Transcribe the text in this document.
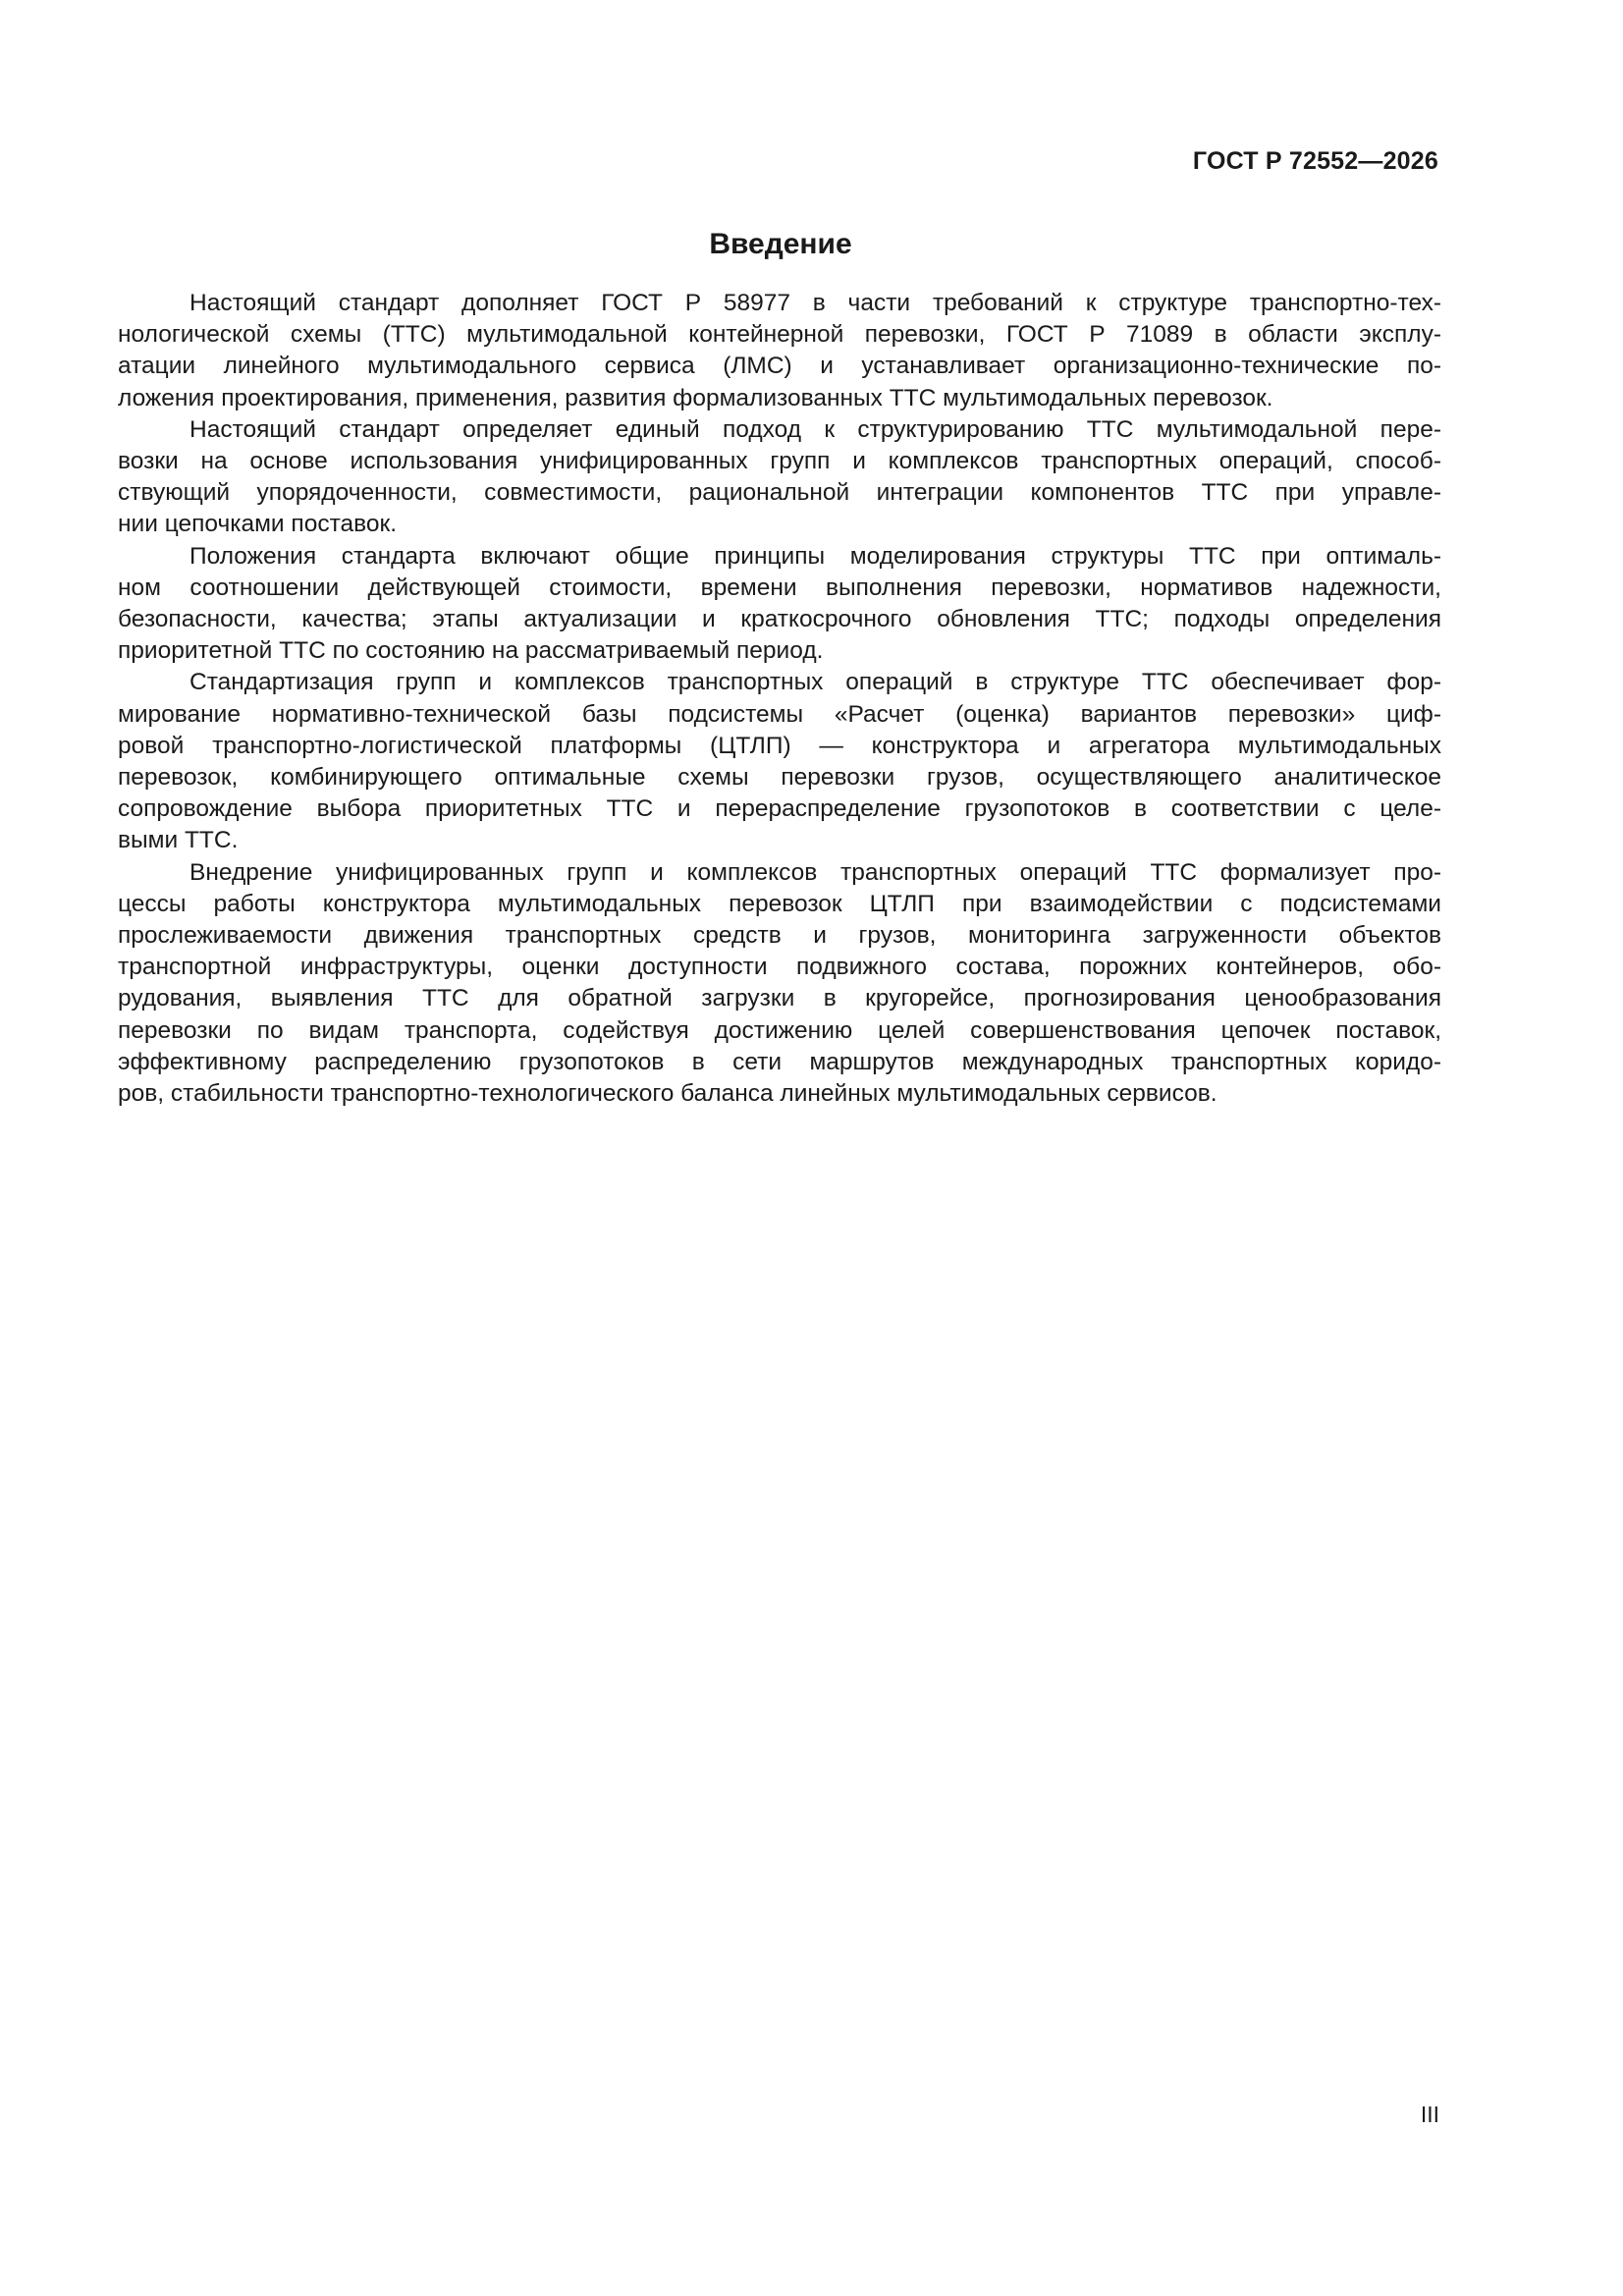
ГОСТ Р 72552—2026
Введение
Настоящий стандарт дополняет ГОСТ Р 58977 в части требований к структуре транспортно-тех-
нологической схемы (ТТС) мультимодальной контейнерной перевозки, ГОСТ Р 71089 в области эксплу-
атации линейного мультимодального сервиса (ЛМС) и устанавливает организационно-технические по-
ложения проектирования, применения, развития формализованных ТТС мультимодальных перевозок.
Настоящий стандарт определяет единый подход к структурированию ТТС мультимодальной пере-
возки на основе использования унифицированных групп и комплексов транспортных операций, способ-
ствующий упорядоченности, совместимости, рациональной интеграции компонентов ТТС при управле-
нии цепочками поставок.
Положения стандарта включают общие принципы моделирования структуры ТТС при оптималь-
ном соотношении действующей стоимости, времени выполнения перевозки, нормативов надежности,
безопасности, качества; этапы актуализации и краткосрочного обновления ТТС; подходы определения
приоритетной ТТС по состоянию на рассматриваемый период.
Стандартизация групп и комплексов транспортных операций в структуре ТТС обеспечивает фор-
мирование нормативно-технической базы подсистемы «Расчет (оценка) вариантов перевозки» циф-
ровой транспортно-логистической платформы (ЦТЛП) — конструктора и агрегатора мультимодальных
перевозок, комбинирующего оптимальные схемы перевозки грузов, осуществляющего аналитическое
сопровождение выбора приоритетных ТТС и перераспределение грузопотоков в соответствии с целе-
выми ТТС.
Внедрение унифицированных групп и комплексов транспортных операций ТТС формализует про-
цессы работы конструктора мультимодальных перевозок ЦТЛП при взаимодействии с подсистемами
прослеживаемости движения транспортных средств и грузов, мониторинга загруженности объектов
транспортной инфраструктуры, оценки доступности подвижного состава, порожних контейнеров, обо-
рудования, выявления ТТС для обратной загрузки в кругорейсе, прогнозирования ценообразования
перевозки по видам транспорта, содействуя достижению целей совершенствования цепочек поставок,
эффективному распределению грузопотоков в сети маршрутов международных транспортных коридо-
ров, стабильности транспортно-технологического баланса линейных мультимодальных сервисов.
III
